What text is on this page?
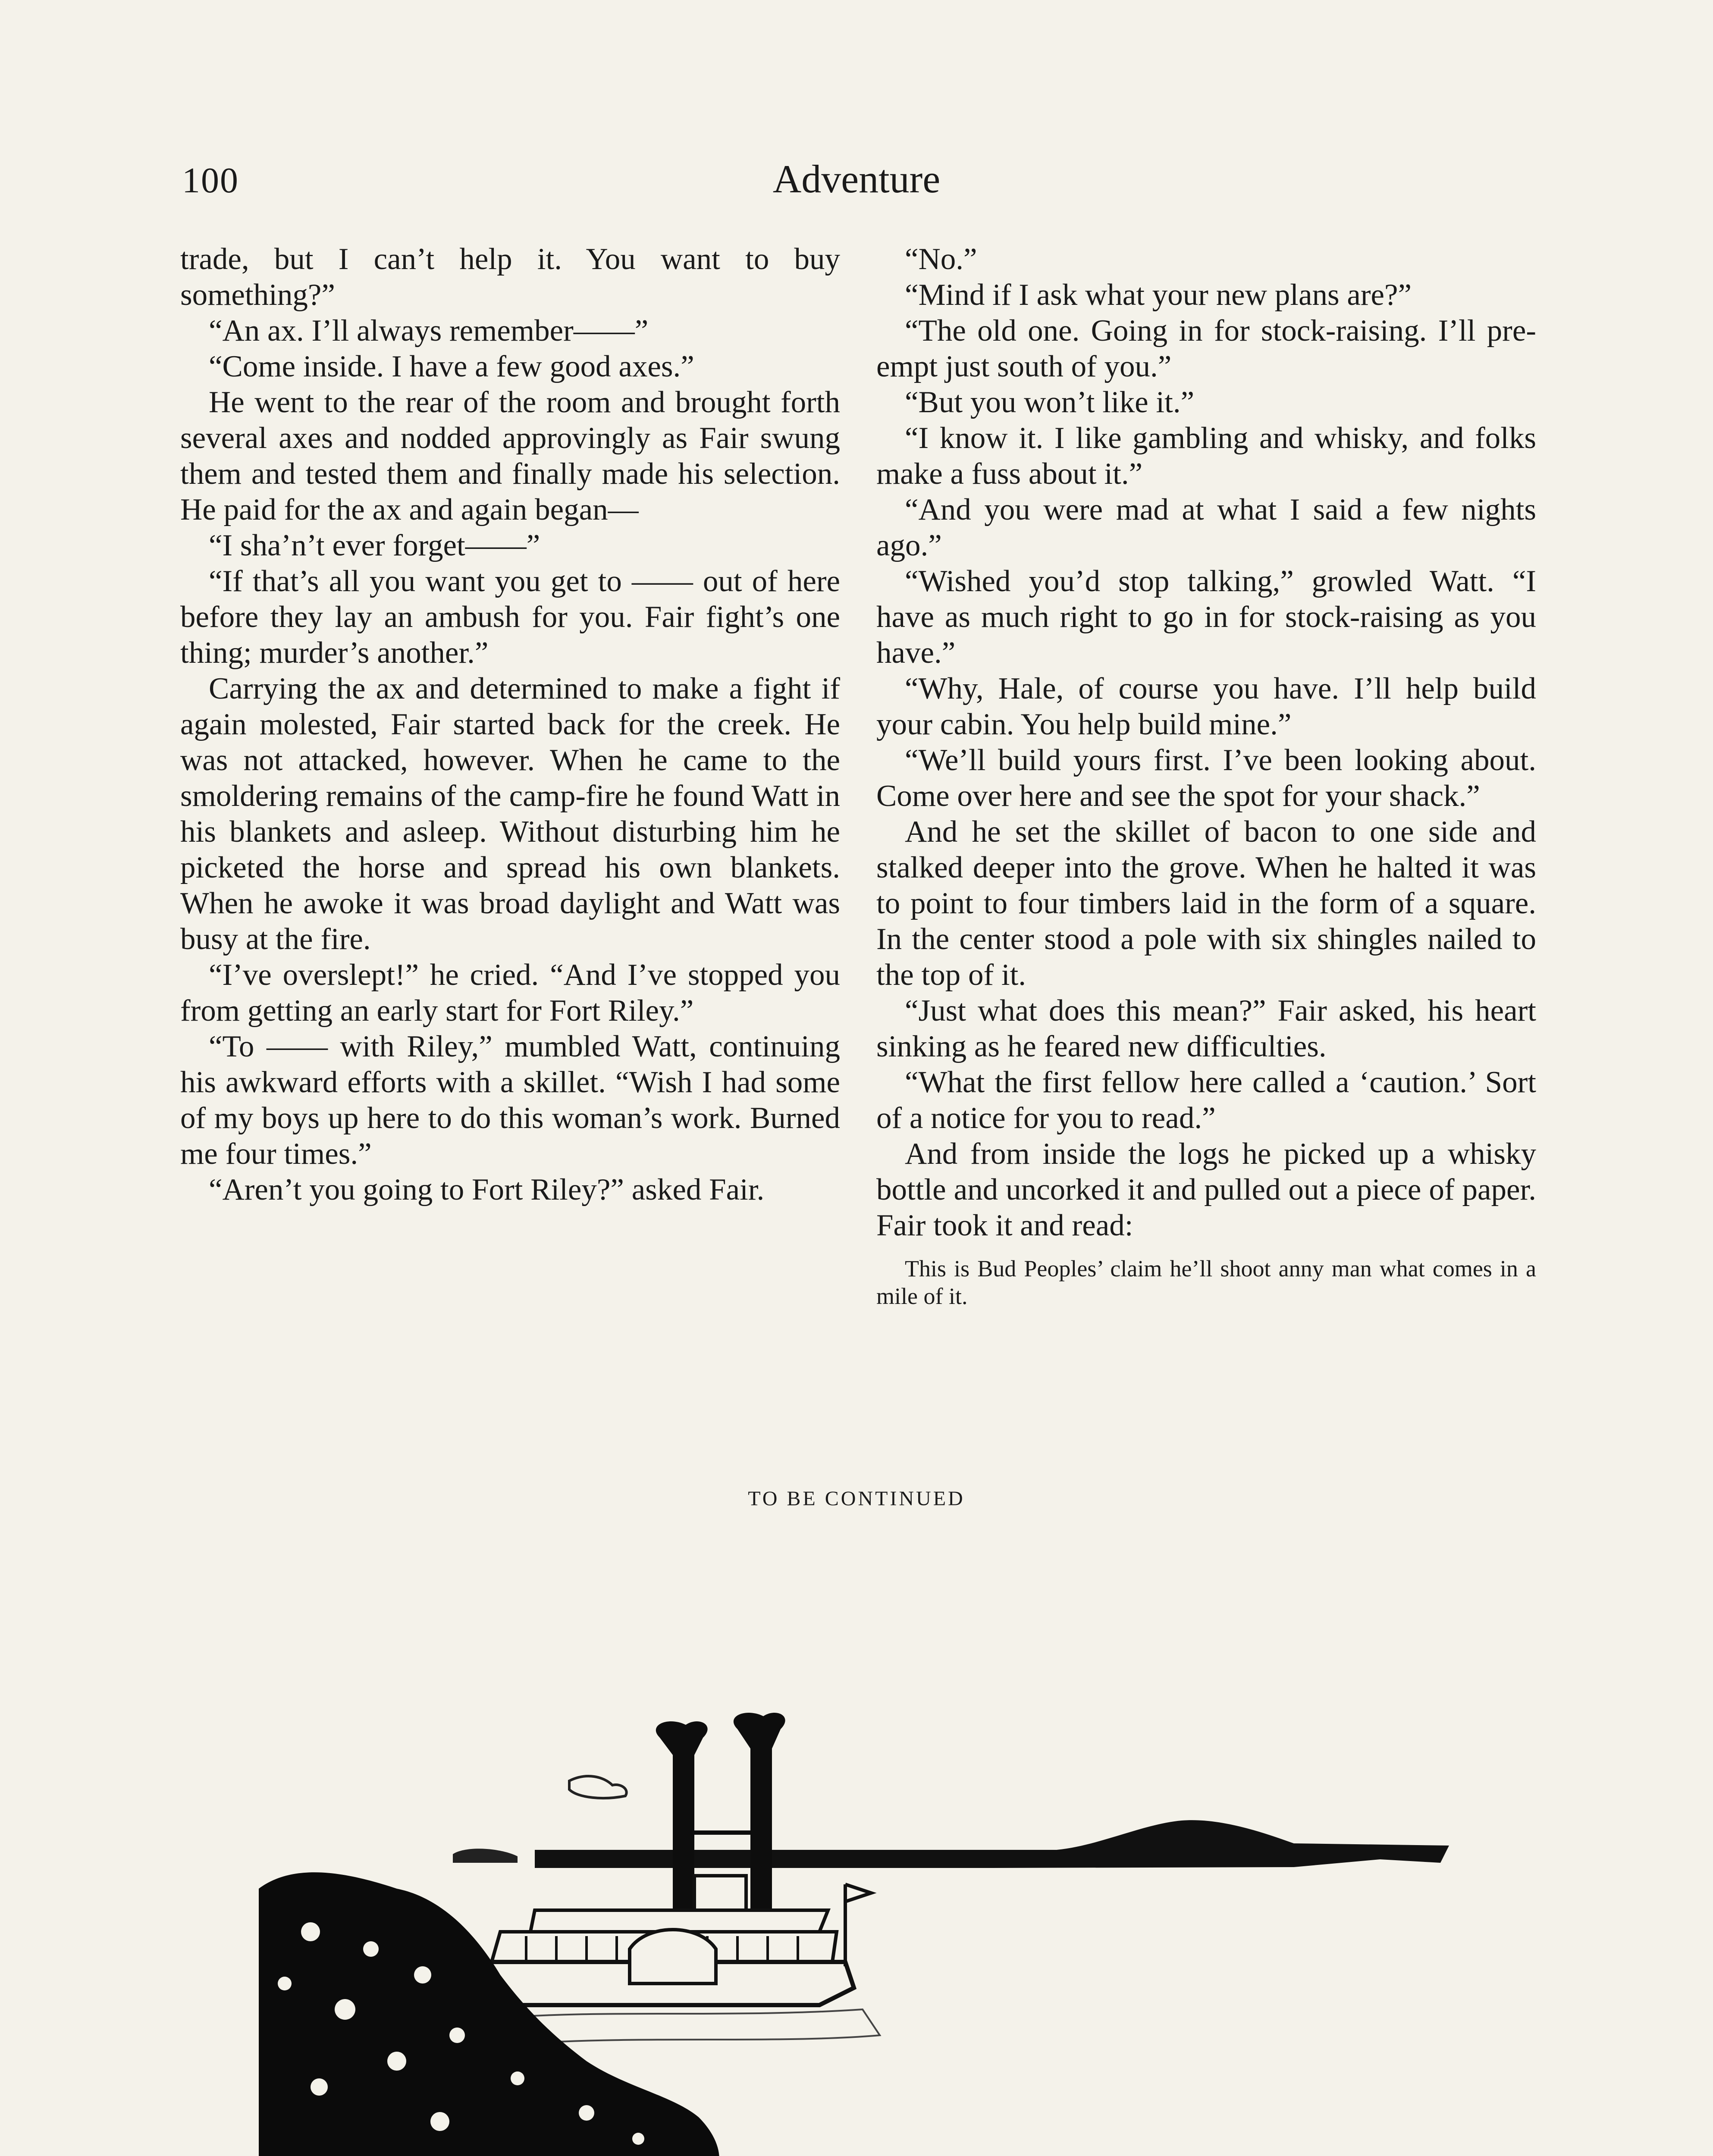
100	Adventure

trade, but I can’t help it. You want to buy something?”

“An ax. I’ll always remember——”

“Come inside. I have a few good axes.”

He went to the rear of the room and brought forth several axes and nodded approvingly as Fair swung them and tested them and finally made his selection. He paid for the ax and again began—

“I sha’n’t ever forget——”

“If that’s all you want you get to —— out of here before they lay an ambush for you. Fair fight’s one thing; murder’s another.”

Carrying the ax and determined to make a fight if again molested, Fair started back for the creek. He was not attacked, however. When he came to the smoldering remains of the camp-fire he found Watt in his blankets and asleep. Without disturbing him he picketed the horse and spread his own blankets. When he awoke it was broad daylight and Watt was busy at the fire.

“I’ve overslept!” he cried. “And I’ve stopped you from getting an early start for Fort Riley.”

“To —— with Riley,” mumbled Watt, continuing his awkward efforts with a skillet. “Wish I had some of my boys up here to do this woman’s work. Burned me four times.”

“Aren’t you going to Fort Riley?” asked Fair.

“No.”

“Mind if I ask what your new plans are?”

“The old one. Going in for stock-raising. I’ll pre-empt just south of you.”

“But you won’t like it.”

“I know it. I like gambling and whisky, and folks make a fuss about it.”

“And you were mad at what I said a few nights ago.”

“Wished you’d stop talking,” growled Watt. “I have as much right to go in for stock-raising as you have.”

“Why, Hale, of course you have. I’ll help build your cabin. You help build mine.”

“We’ll build yours first. I’ve been looking about. Come over here and see the spot for your shack.”

And he set the skillet of bacon to one side and stalked deeper into the grove. When he halted it was to point to four timbers laid in the form of a square. In the center stood a pole with six shingles nailed to the top of it.

“Just what does this mean?” Fair asked, his heart sinking as he feared new difficulties.

“What the first fellow here called a ‘caution.’ Sort of a notice for you to read.”

And from inside the logs he picked up a whisky bottle and uncorked it and pulled out a piece of paper. Fair took it and read:

This is Bud Peoples’ claim he’ll shoot anny man what comes in a mile of it.

TO BE CONTINUED
